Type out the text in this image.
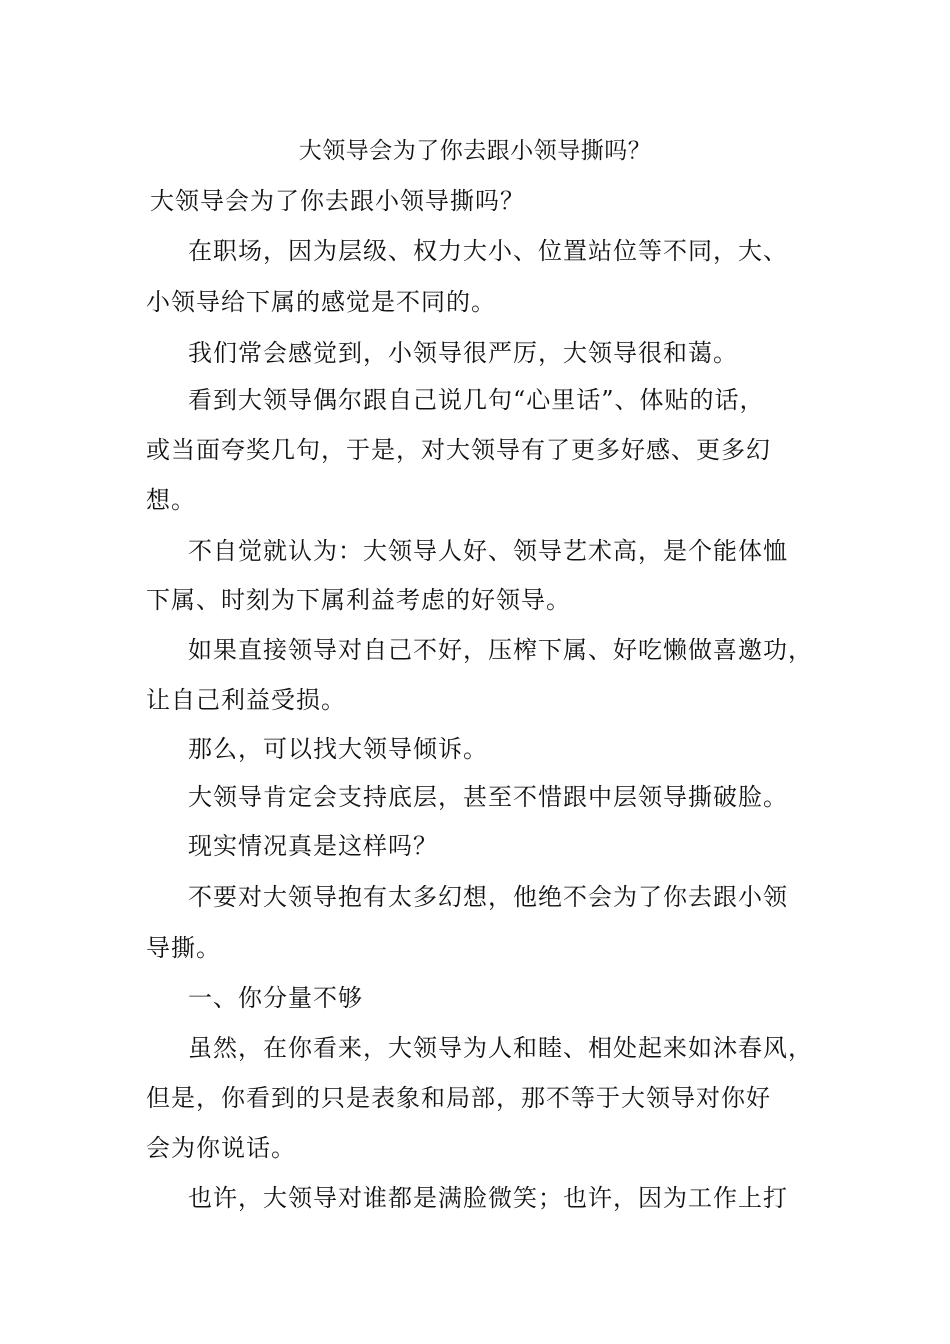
大领导会为了你去跟小领导撕吗？
大领导会为了你去跟小领导撕吗？
在职场，因为层级、权力大小、位置站位等不同，大、
小领导给下属的感觉是不同的。
我们常会感觉到，小领导很严厉，大领导很和蔼。
看到大领导偶尔跟自己说几句“心里话”、体贴的话，
或当面夸奖几句，于是，对大领导有了更多好感、更多幻
想。
不自觉就认为：大领导人好、领导艺术高，是个能体恤
下属、时刻为下属利益考虑的好领导。
如果直接领导对自己不好，压榨下属、好吃懒做喜邀功，
让自己利益受损。
那么，可以找大领导倾诉。
大领导肯定会支持底层，甚至不惜跟中层领导撕破脸。
现实情况真是这样吗？
不要对大领导抱有太多幻想，他绝不会为了你去跟小领
导撕。
一、你分量不够
虽然，在你看来，大领导为人和睦、相处起来如沐春风，
但是，你看到的只是表象和局部，那不等于大领导对你好
会为你说话。
也许，大领导对谁都是满脸微笑；也许，因为工作上打
